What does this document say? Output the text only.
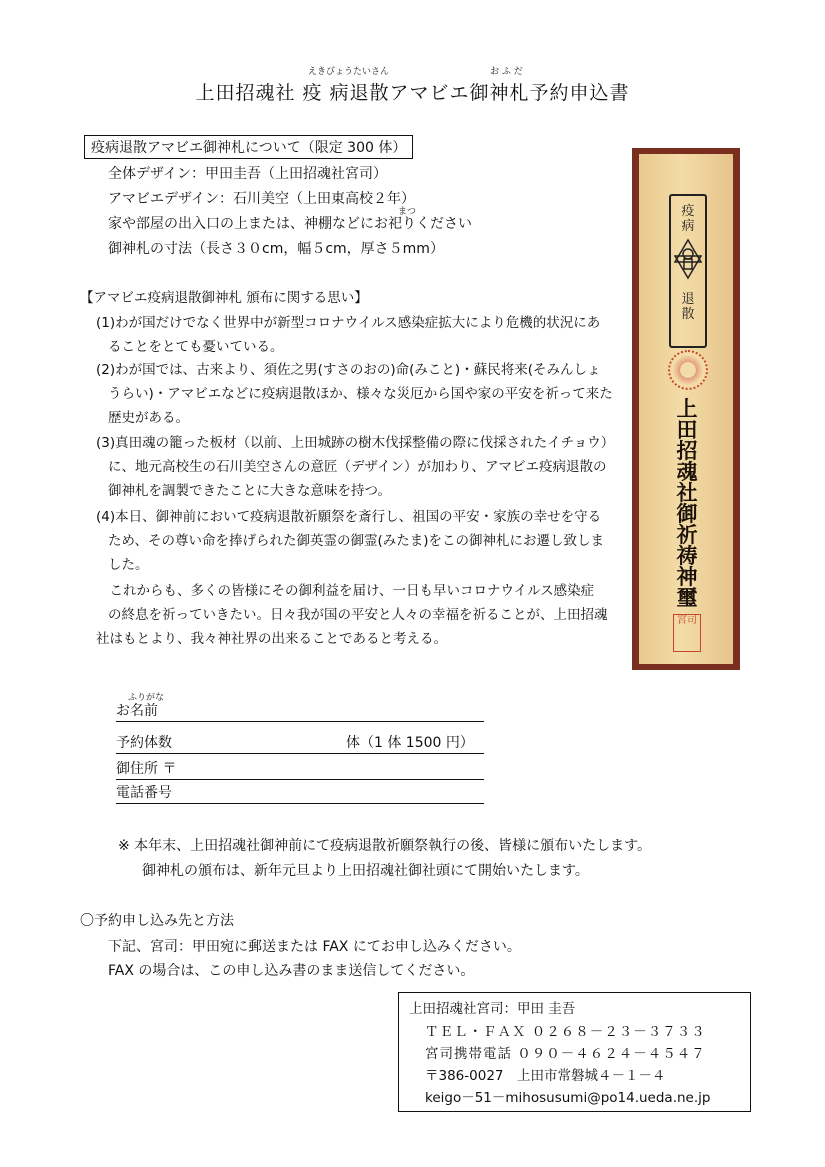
えきびょうたいさん	お ふ だ
上田招魂社 疫 病退散アマビエ御神札予約申込書
疫病退散アマビエ御神札について（限定 300 体）
全体デザイン：甲田圭吾（上田招魂社宮司）
アマビエデザイン：石川美空（上田東高校２年）
まつ
家や部屋の出入口の上または、神棚などにお祀りください
御神札の寸法（長さ３０cm，幅５cm，厚さ５mm）
【アマビエ疫病退散御神札 頒布に関する思い】
(1)わが国だけでなく世界中が新型コロナウイルス感染症拡大により危機的状況にあ
ることをとても憂いている。
(2)わが国では、古来より、須佐之男(すさのおの)命(みこと)・蘇民将来(そみんしょ
うらい)・アマビエなどに疫病退散ほか、様々な災厄から国や家の平安を祈って来た
歴史がある。
(3)真田魂の籠った板材（以前、上田城跡の樹木伐採整備の際に伐採されたイチョウ）
に、地元高校生の石川美空さんの意匠（デザイン）が加わり、アマビエ疫病退散の
御神札を調製できたことに大きな意味を持つ。
(4)本日、御神前において疫病退散祈願祭を斎行し、祖国の平安・家族の幸せを守る
ため、その尊い命を捧げられた御英霊の御霊(みたま)をこの御神札にお遷し致しま
した。
　これからも、多くの皆様にその御利益を届け、一日も早いコロナウイルス感染症
の終息を祈っていきたい。日々我が国の平安と人々の幸福を祈ることが、上田招魂
社はもとより、我々神社界の出来ることであると考える。
疫
病
退
散
上
田
招
魂
社
御
祈
祷
神
璽
宮司
ふりがな
お名前
予約体数	体（1 体 1500 円）
御住所 〒
電話番号
※ 本年末、上田招魂社御神前にて疫病退散祈願祭執行の後、皆様に頒布いたします。
御神札の頒布は、新年元旦より上田招魂社御社頭にて開始いたします。
〇予約申し込み先と方法
下記、宮司：甲田宛に郵送または FAX にてお申し込みください。
FAX の場合は、この申し込み書のまま送信してください。
上田招魂社宮司：甲田 圭吾
ＴＥＬ・ＦＡＸ ０２６８－２３－３７３３
宮司携帯電話 ０９０－４６２４－４５４７
〒386-0027　上田市常磐城４－１－４
keigo－51－mihosusumi@po14.ueda.ne.jp
